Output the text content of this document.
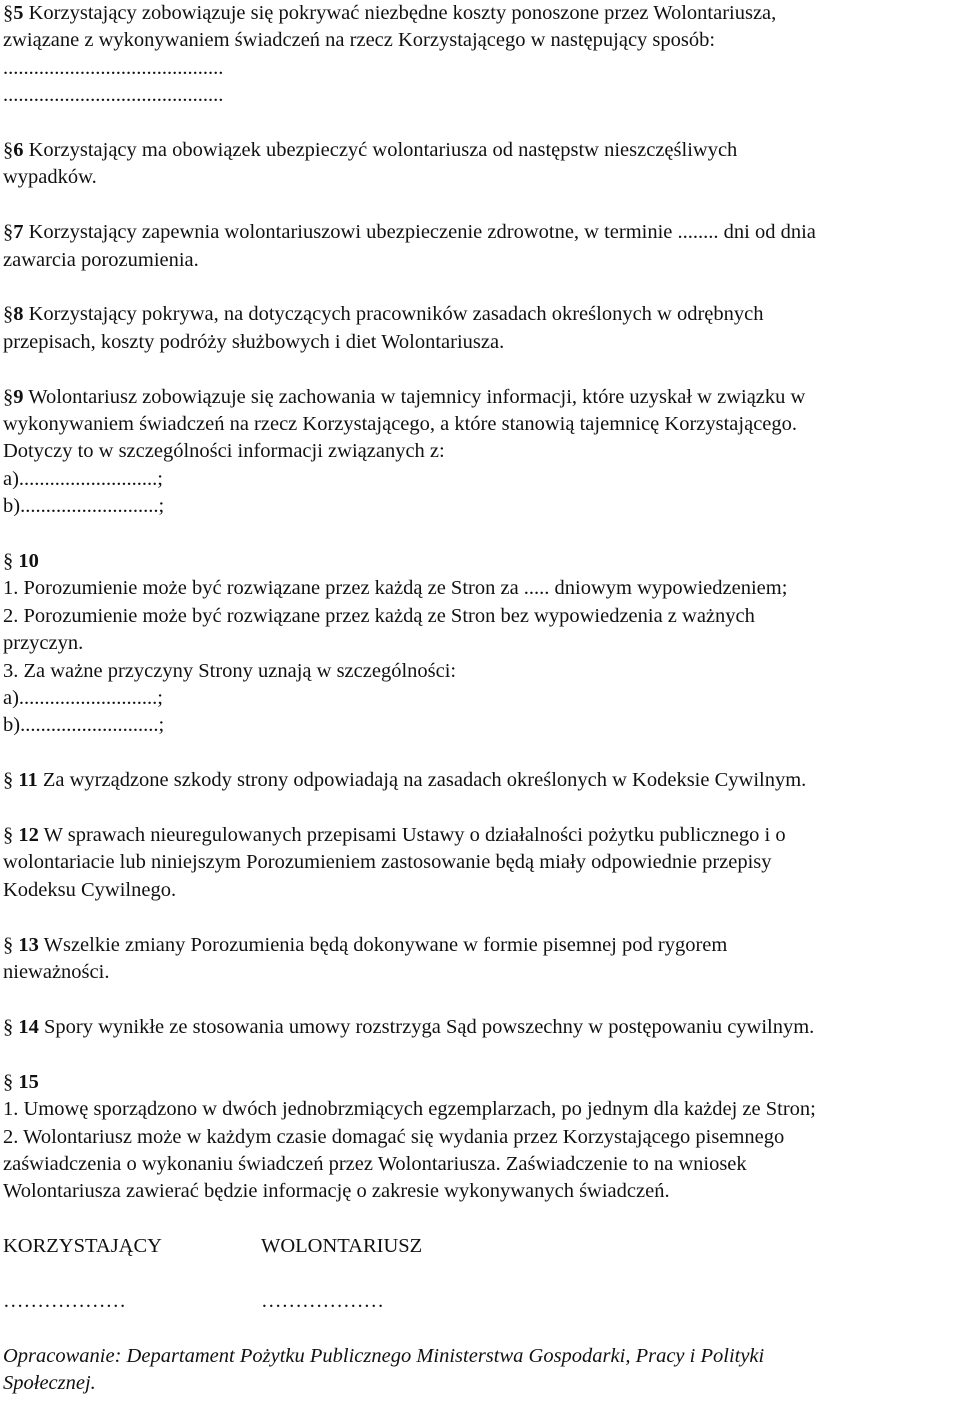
§5 Korzystający zobowiązuje się pokrywać niezbędne koszty ponoszone przez Wolontariusza,
związane z wykonywaniem świadczeń na rzecz Korzystającego w następujący sposób:
...........................................
...........................................
§6 Korzystający ma obowiązek ubezpieczyć wolontariusza od następstw nieszczęśliwych
wypadków.
§7 Korzystający zapewnia wolontariuszowi ubezpieczenie zdrowotne, w terminie ........ dni od dnia
zawarcia porozumienia.
§8 Korzystający pokrywa, na dotyczących pracowników zasadach określonych w odrębnych
przepisach, koszty podróży służbowych i diet Wolontariusza.
§9 Wolontariusz zobowiązuje się zachowania w tajemnicy informacji, które uzyskał w związku w
wykonywaniem świadczeń na rzecz Korzystającego, a które stanowią tajemnicę Korzystającego.
Dotyczy to w szczególności informacji związanych z:
a)...........................;
b)...........................;
§ 10
1. Porozumienie może być rozwiązane przez każdą ze Stron za ..... dniowym wypowiedzeniem;
2. Porozumienie może być rozwiązane przez każdą ze Stron bez wypowiedzenia z ważnych
przyczyn.
3. Za ważne przyczyny Strony uznają w szczególności:
a)...........................;
b)...........................;
§ 11 Za wyrządzone szkody strony odpowiadają na zasadach określonych w Kodeksie Cywilnym.
§ 12 W sprawach nieuregulowanych przepisami Ustawy o działalności pożytku publicznego i o
wolontariacie lub niniejszym Porozumieniem zastosowanie będą miały odpowiednie przepisy
Kodeksu Cywilnego.
§ 13 Wszelkie zmiany Porozumienia będą dokonywane w formie pisemnej pod rygorem
nieważności.
§ 14 Spory wynikłe ze stosowania umowy rozstrzyga Sąd powszechny w postępowaniu cywilnym.
§ 15
1. Umowę sporządzono w dwóch jednobrzmiących egzemplarzach, po jednym dla każdej ze Stron;
2. Wolontariusz może w każdym czasie domagać się wydania przez Korzystającego pisemnego
zaświadczenia o wykonaniu świadczeń przez Wolontariusza. Zaświadczenie to na wniosek
Wolontariusza zawierać będzie informację o zakresie wykonywanych świadczeń.
KORZYSTAJĄCY	WOLONTARIUSZ
………………	………………
Opracowanie: Departament Pożytku Publicznego Ministerstwa Gospodarki, Pracy i Polityki
Społecznej.
